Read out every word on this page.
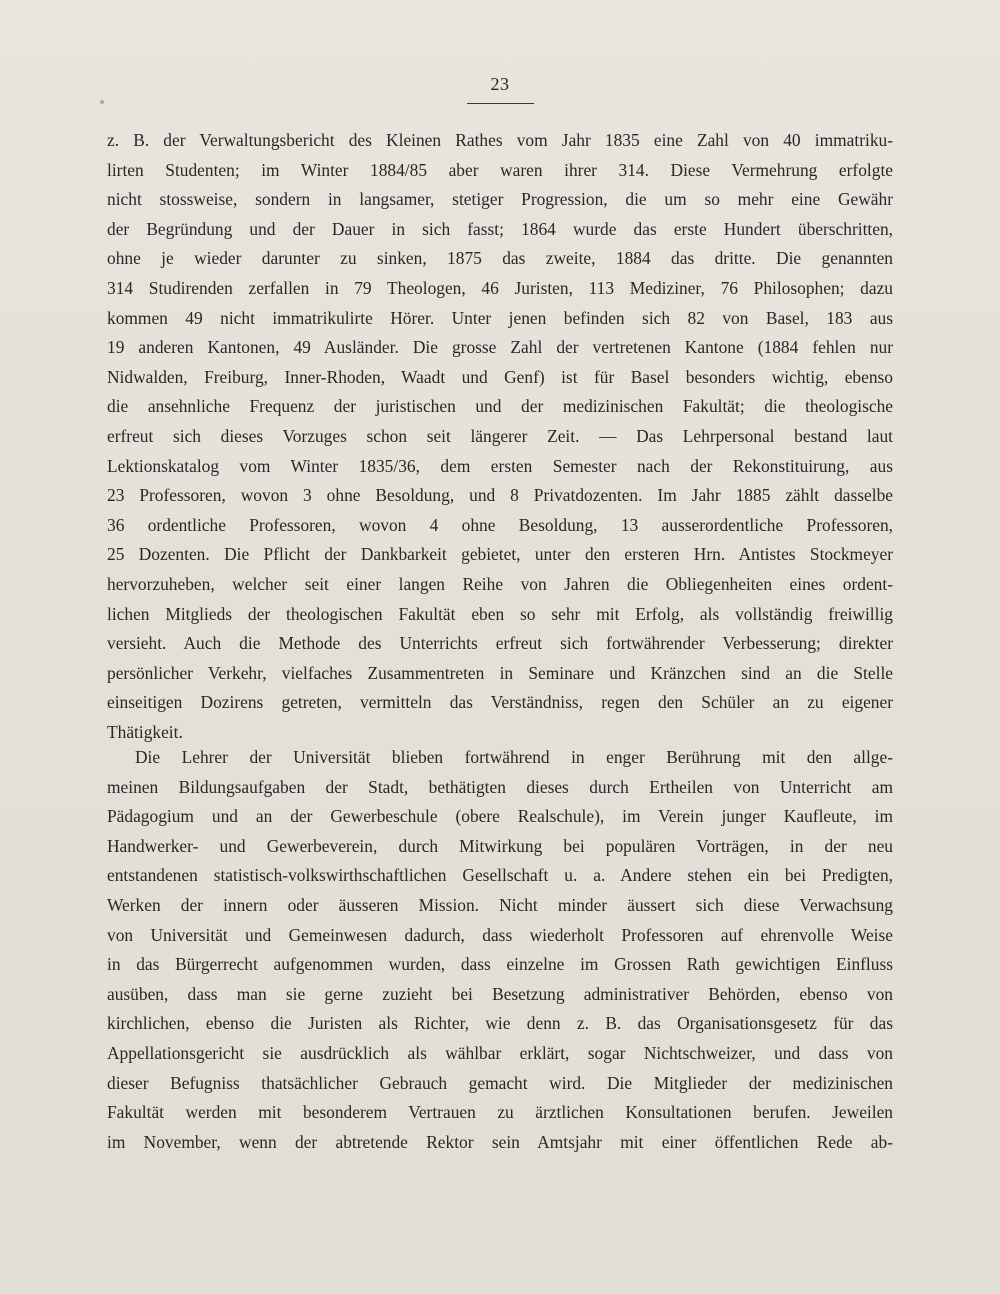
23
z. B. der Verwaltungsbericht des Kleinen Rathes vom Jahr 1835 eine Zahl von 40 immatriku-
lirten Studenten; im Winter 1884/85 aber waren ihrer 314. Diese Vermehrung erfolgte
nicht stossweise, sondern in langsamer, stetiger Progression, die um so mehr eine Gewähr
der Begründung und der Dauer in sich fasst; 1864 wurde das erste Hundert überschritten,
ohne je wieder darunter zu sinken, 1875 das zweite, 1884 das dritte. Die genannten
314 Studirenden zerfallen in 79 Theologen, 46 Juristen, 113 Mediziner, 76 Philosophen; dazu
kommen 49 nicht immatrikulirte Hörer. Unter jenen befinden sich 82 von Basel, 183 aus
19 anderen Kantonen, 49 Ausländer. Die grosse Zahl der vertretenen Kantone (1884 fehlen nur
Nidwalden, Freiburg, Inner-Rhoden, Waadt und Genf) ist für Basel besonders wichtig, ebenso
die ansehnliche Frequenz der juristischen und der medizinischen Fakultät; die theologische
erfreut sich dieses Vorzuges schon seit längerer Zeit. — Das Lehrpersonal bestand laut
Lektionskatalog vom Winter 1835/36, dem ersten Semester nach der Rekonstituirung, aus
23 Professoren, wovon 3 ohne Besoldung, und 8 Privatdozenten. Im Jahr 1885 zählt dasselbe
36 ordentliche Professoren, wovon 4 ohne Besoldung, 13 ausserordentliche Professoren,
25 Dozenten. Die Pflicht der Dankbarkeit gebietet, unter den ersteren Hrn. Antistes Stockmeyer
hervorzuheben, welcher seit einer langen Reihe von Jahren die Obliegenheiten eines ordent-
lichen Mitglieds der theologischen Fakultät eben so sehr mit Erfolg, als vollständig freiwillig
versieht. Auch die Methode des Unterrichts erfreut sich fortwährender Verbesserung; direkter
persönlicher Verkehr, vielfaches Zusammentreten in Seminare und Kränzchen sind an die Stelle
einseitigen Dozirens getreten, vermitteln das Verständniss, regen den Schüler an zu eigener
Thätigkeit.
Die Lehrer der Universität blieben fortwährend in enger Berührung mit den allge-
meinen Bildungsaufgaben der Stadt, bethätigten dieses durch Ertheilen von Unterricht am
Pädagogium und an der Gewerbeschule (obere Realschule), im Verein junger Kaufleute, im
Handwerker- und Gewerbeverein, durch Mitwirkung bei populären Vorträgen, in der neu
entstandenen statistisch-volkswirthschaftlichen Gesellschaft u. a. Andere stehen ein bei Predigten,
Werken der innern oder äusseren Mission. Nicht minder äussert sich diese Verwachsung
von Universität und Gemeinwesen dadurch, dass wiederholt Professoren auf ehrenvolle Weise
in das Bürgerrecht aufgenommen wurden, dass einzelne im Grossen Rath gewichtigen Einfluss
ausüben, dass man sie gerne zuzieht bei Besetzung administrativer Behörden, ebenso von
kirchlichen, ebenso die Juristen als Richter, wie denn z. B. das Organisationsgesetz für das
Appellationsgericht sie ausdrücklich als wählbar erklärt, sogar Nichtschweizer, und dass von
dieser Befugniss thatsächlicher Gebrauch gemacht wird. Die Mitglieder der medizinischen
Fakultät werden mit besonderem Vertrauen zu ärztlichen Konsultationen berufen. Jeweilen
im November, wenn der abtretende Rektor sein Amtsjahr mit einer öffentlichen Rede ab-
